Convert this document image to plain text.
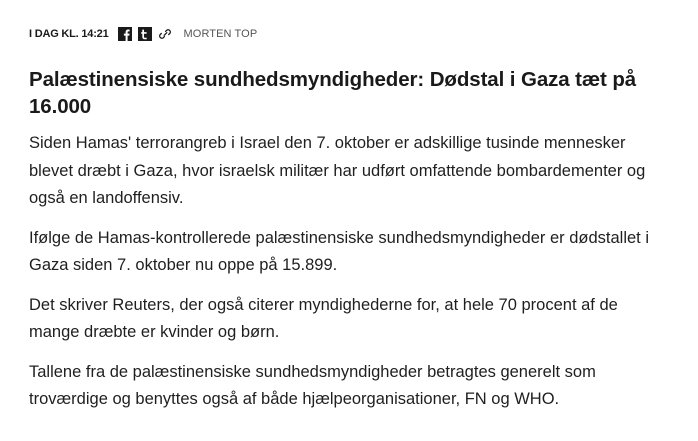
I DAG KL. 14:21	MORTEN TOP
Palæstinensiske sundhedsmyndigheder: Dødstal i Gaza tæt på 16.000

Siden Hamas' terrorangreb i Israel den 7. oktober er adskillige tusinde mennesker blevet dræbt i Gaza, hvor israelsk militær har udført omfattende bombardementer og også en landoffensiv.

Ifølge de Hamas-kontrollerede palæstinensiske sundhedsmyndigheder er dødstallet i Gaza siden 7. oktober nu oppe på 15.899.

Det skriver Reuters, der også citerer myndighederne for, at hele 70 procent af de mange dræbte er kvinder og børn.

Tallene fra de palæstinensiske sundhedsmyndigheder betragtes generelt som troværdige og benyttes også af både hjælpeorganisationer, FN og WHO.
